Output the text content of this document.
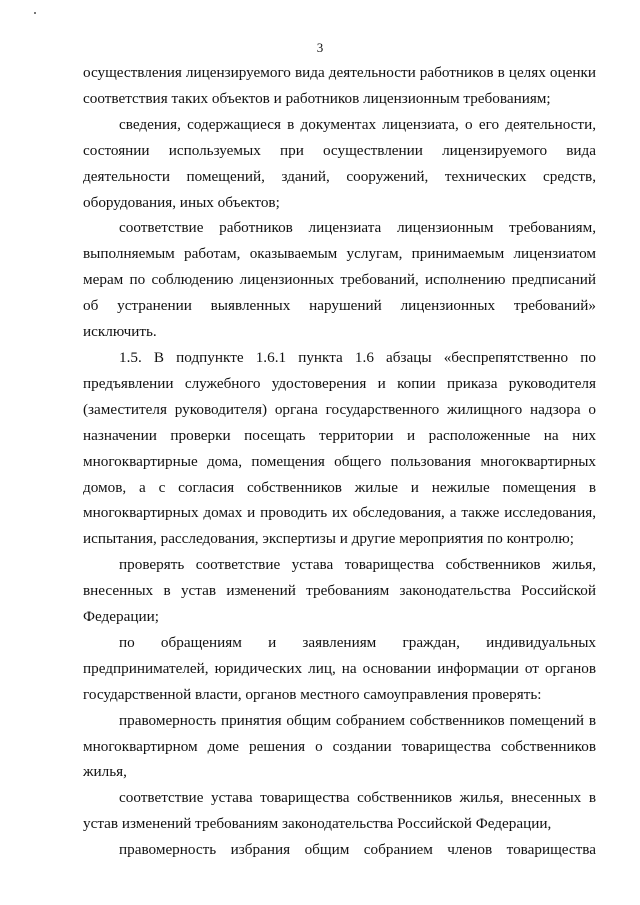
3

осуществления лицензируемого вида деятельности работников в целях оценки соответствия таких объектов и работников лицензионным требованиям;

сведения, содержащиеся в документах лицензиата, о его деятельности, состоянии используемых при осуществлении лицензируемого вида деятельности помещений, зданий, сооружений, технических средств, оборудования, иных объектов;

соответствие работников лицензиата лицензионным требованиям, выполняемым работам, оказываемым услугам, принимаемым лицензиатом мерам по соблюдению лицензионных требований, исполнению предписаний об устранении выявленных нарушений лицензионных требований» исключить.

1.5. В подпункте 1.6.1 пункта 1.6 абзацы «беспрепятственно по предъявлении служебного удостоверения и копии приказа руководителя (заместителя руководителя) органа государственного жилищного надзора о назначении проверки посещать территории и расположенные на них многоквартирные дома, помещения общего пользования многоквартирных домов, а с согласия собственников жилые и нежилые помещения в многоквартирных домах и проводить их обследования, а также исследования, испытания, расследования, экспертизы и другие мероприятия по контролю;

проверять соответствие устава товарищества собственников жилья, внесенных в устав изменений требованиям законодательства Российской Федерации;

по обращениям и заявлениям граждан, индивидуальных предпринимателей, юридических лиц, на основании информации от органов государственной власти, органов местного самоуправления проверять:

правомерность принятия общим собранием собственников помещений в многоквартирном доме решения о создании товарищества собственников жилья,

соответствие устава товарищества собственников жилья, внесенных в устав изменений требованиям законодательства Российской Федерации,

правомерность избрания общим собранием членов товарищества
